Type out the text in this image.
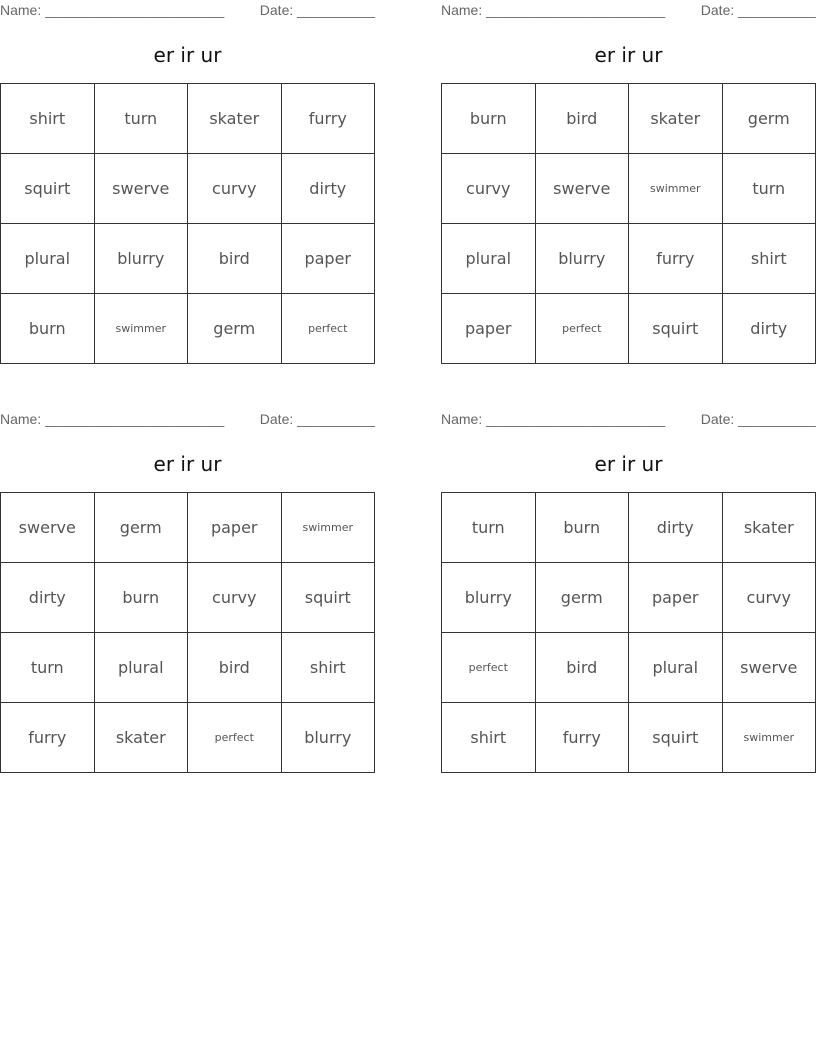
Name: _______________________	Date: __________
er ir ur
shirt	turn	skater	furry
squirt	swerve	curvy	dirty
plural	blurry	bird	paper
burn	swimmer	germ	perfect
Name: _______________________	Date: __________
er ir ur
burn	bird	skater	germ
curvy	swerve	swimmer	turn
plural	blurry	furry	shirt
paper	perfect	squirt	dirty
Name: _______________________	Date: __________
er ir ur
swerve	germ	paper	swimmer
dirty	burn	curvy	squirt
turn	plural	bird	shirt
furry	skater	perfect	blurry
Name: _______________________	Date: __________
er ir ur
turn	burn	dirty	skater
blurry	germ	paper	curvy
perfect	bird	plural	swerve
shirt	furry	squirt	swimmer
